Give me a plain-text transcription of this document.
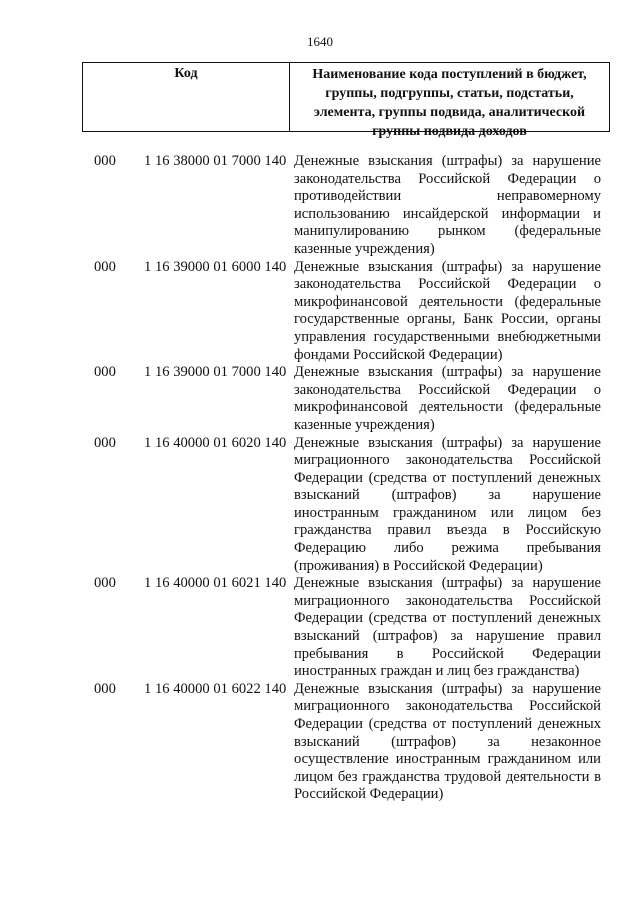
1640
Код	Наименование кода поступлений в бюджет, группы, подгруппы, статьи, подстатьи, элемента, группы подвида, аналитической группы подвида доходов
000	1 16 38000 01 7000 140 Денежные взыскания (штрафы) за нарушение законодательства Российской Федерации о противодействии неправомерному использованию инсайдерской информации и манипулированию рынком (федеральные казенные учреждения)
000	1 16 39000 01 6000 140 Денежные взыскания (штрафы) за нарушение законодательства Российской Федерации о микрофинансовой деятельности (федеральные государственные органы, Банк России, органы управления государственными внебюджетными фондами Российской Федерации)
000	1 16 39000 01 7000 140 Денежные взыскания (штрафы) за нарушение законодательства Российской Федерации о микрофинансовой деятельности (федеральные казенные учреждения)
000	1 16 40000 01 6020 140 Денежные взыскания (штрафы) за нарушение миграционного законодательства Российской Федерации (средства от поступлений денежных взысканий (штрафов) за нарушение иностранным гражданином или лицом без гражданства правил въезда в Российскую Федерацию либо режима пребывания (проживания) в Российской Федерации)
000	1 16 40000 01 6021 140 Денежные взыскания (штрафы) за нарушение миграционного законодательства Российской Федерации (средства от поступлений денежных взысканий (штрафов) за нарушение правил пребывания в Российской Федерации иностранных граждан и лиц без гражданства)
000	1 16 40000 01 6022 140 Денежные взыскания (штрафы) за нарушение миграционного законодательства Российской Федерации (средства от поступлений денежных взысканий (штрафов) за незаконное осуществление иностранным гражданином или лицом без гражданства трудовой деятельности в Российской Федерации)
